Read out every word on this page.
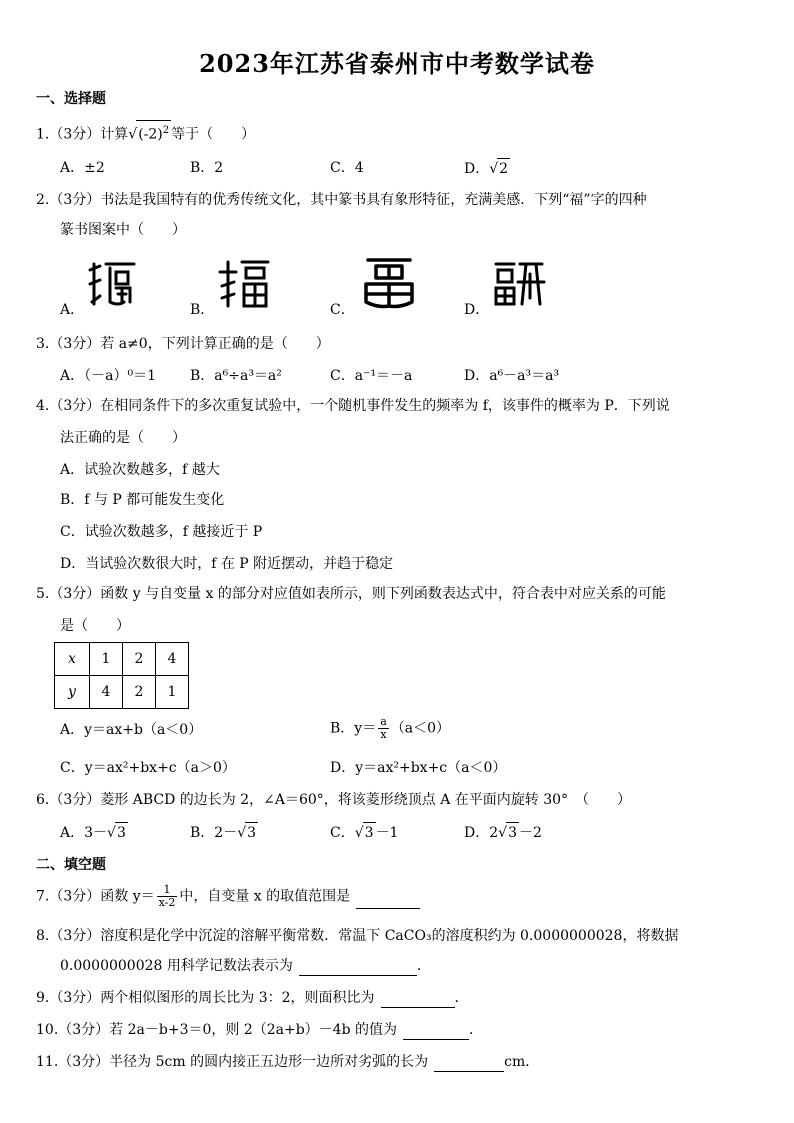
2023年江苏省泰州市中考数学试卷
一、选择题
1.（3分）计算$√(-2)^2$ 等于（　　）
A．±2	B．2	C．4	D．√2
2.（3分）书法是我国特有的优秀传统文化，其中篆书具有象形特征，充满美感．下列“福”字的四种
篆书图案中（　　）
A．	B．	C．	D．
3.（3分）若 a≠0，下列计算正确的是（　　）
A．（－a）⁰＝1 B．a⁶÷a³＝a²	C．a⁻¹＝－a	D．a⁶－a³＝a³
4.（3分）在相同条件下的多次重复试验中，一个随机事件发生的频率为 f，该事件的概率为 P．下列说
法正确的是（　　）
A．试验次数越多，f 越大
B．f 与 P 都可能发生变化
C．试验次数越多，f 越接近于 P
D．当试验次数很大时，f 在 P 附近摆动，并趋于稳定
5.（3分）函数 y 与自变量 x 的部分对应值如表所示，则下列函数表达式中，符合表中对应关系的可能
是（　　）
x	1	2	4
y	4	2	1
A．y＝ax+b（a＜0）	B．$y= \frac{a}{x} (a<0)$
C．y＝ax²+bx+c（a＞0）	D．y＝ax²+bx+c（a＜0）
6.（3分）菱形 ABCD 的边长为 2，∠A＝60°，将该菱形绕顶点 A 在平面内旋转 30°　（　　）
A．3－√3	B．2－√3	C．√3 －1	D．2√3 －2
二、填空题
7.（3分）函数 $y= \frac{1}{x-2}$ 中，自变量 x 的取值范围是
8.（3分）溶度积是化学中沉淀的溶解平衡常数．常温下 CaCO₃的溶度积约为 0.0000000028，将数据
0.0000000028 用科学记数法表示为	．
9.（3分）两个相似图形的周长比为 3：2，则面积比为	．
10.（3分）若 2a－b+3＝0，则 2（2a+b）－4b 的值为	．
11.（3分）半径为 5cm 的圆内接正五边形一边所对劣弧的长为	cm．
